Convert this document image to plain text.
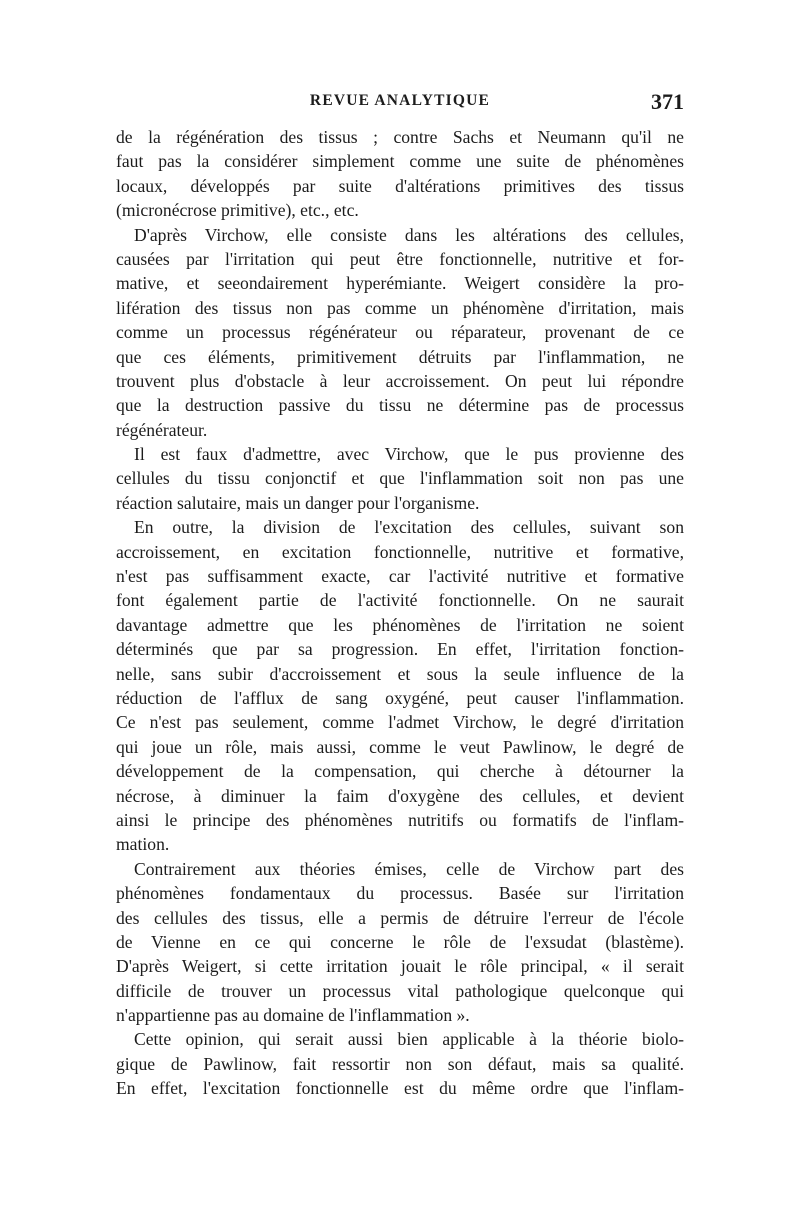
REVUE ANALYTIQUE	371
de la régénération des tissus ; contre Sachs et Neumann qu'il ne
faut pas la considérer simplement comme une suite de phénomènes
locaux, développés par suite d'altérations primitives des tissus
(micronécrose primitive), etc., etc.
D'après Virchow, elle consiste dans les altérations des cellules,
causées par l'irritation qui peut être fonctionnelle, nutritive et for-
mative, et seeondairement hyperémiante. Weigert considère la pro-
lifération des tissus non pas comme un phénomène d'irritation, mais
comme un processus régénérateur ou réparateur, provenant de ce
que ces éléments, primitivement détruits par l'inflammation, ne
trouvent plus d'obstacle à leur accroissement. On peut lui répondre
que la destruction passive du tissu ne détermine pas de processus
régénérateur.
Il est faux d'admettre, avec Virchow, que le pus provienne des
cellules du tissu conjonctif et que l'inflammation soit non pas une
réaction salutaire, mais un danger pour l'organisme.
En outre, la division de l'excitation des cellules, suivant son
accroissement, en excitation fonctionnelle, nutritive et formative,
n'est pas suffisamment exacte, car l'activité nutritive et formative
font également partie de l'activité fonctionnelle. On ne saurait
davantage admettre que les phénomènes de l'irritation ne soient
déterminés que par sa progression. En effet, l'irritation fonction-
nelle, sans subir d'accroissement et sous la seule influence de la
réduction de l'afflux de sang oxygéné, peut causer l'inflammation.
Ce n'est pas seulement, comme l'admet Virchow, le degré d'irritation
qui joue un rôle, mais aussi, comme le veut Pawlinow, le degré de
développement de la compensation, qui cherche à détourner la
nécrose, à diminuer la faim d'oxygène des cellules, et devient
ainsi le principe des phénomènes nutritifs ou formatifs de l'inflam-
mation.
Contrairement aux théories émises, celle de Virchow part des
phénomènes fondamentaux du processus. Basée sur l'irritation
des cellules des tissus, elle a permis de détruire l'erreur de l'école
de Vienne en ce qui concerne le rôle de l'exsudat (blastème).
D'après Weigert, si cette irritation jouait le rôle principal, « il serait
difficile de trouver un processus vital pathologique quelconque qui
n'appartienne pas au domaine de l'inflammation ».
Cette opinion, qui serait aussi bien applicable à la théorie biolo-
gique de Pawlinow, fait ressortir non son défaut, mais sa qualité.
En effet, l'excitation fonctionnelle est du même ordre que l'inflam-
